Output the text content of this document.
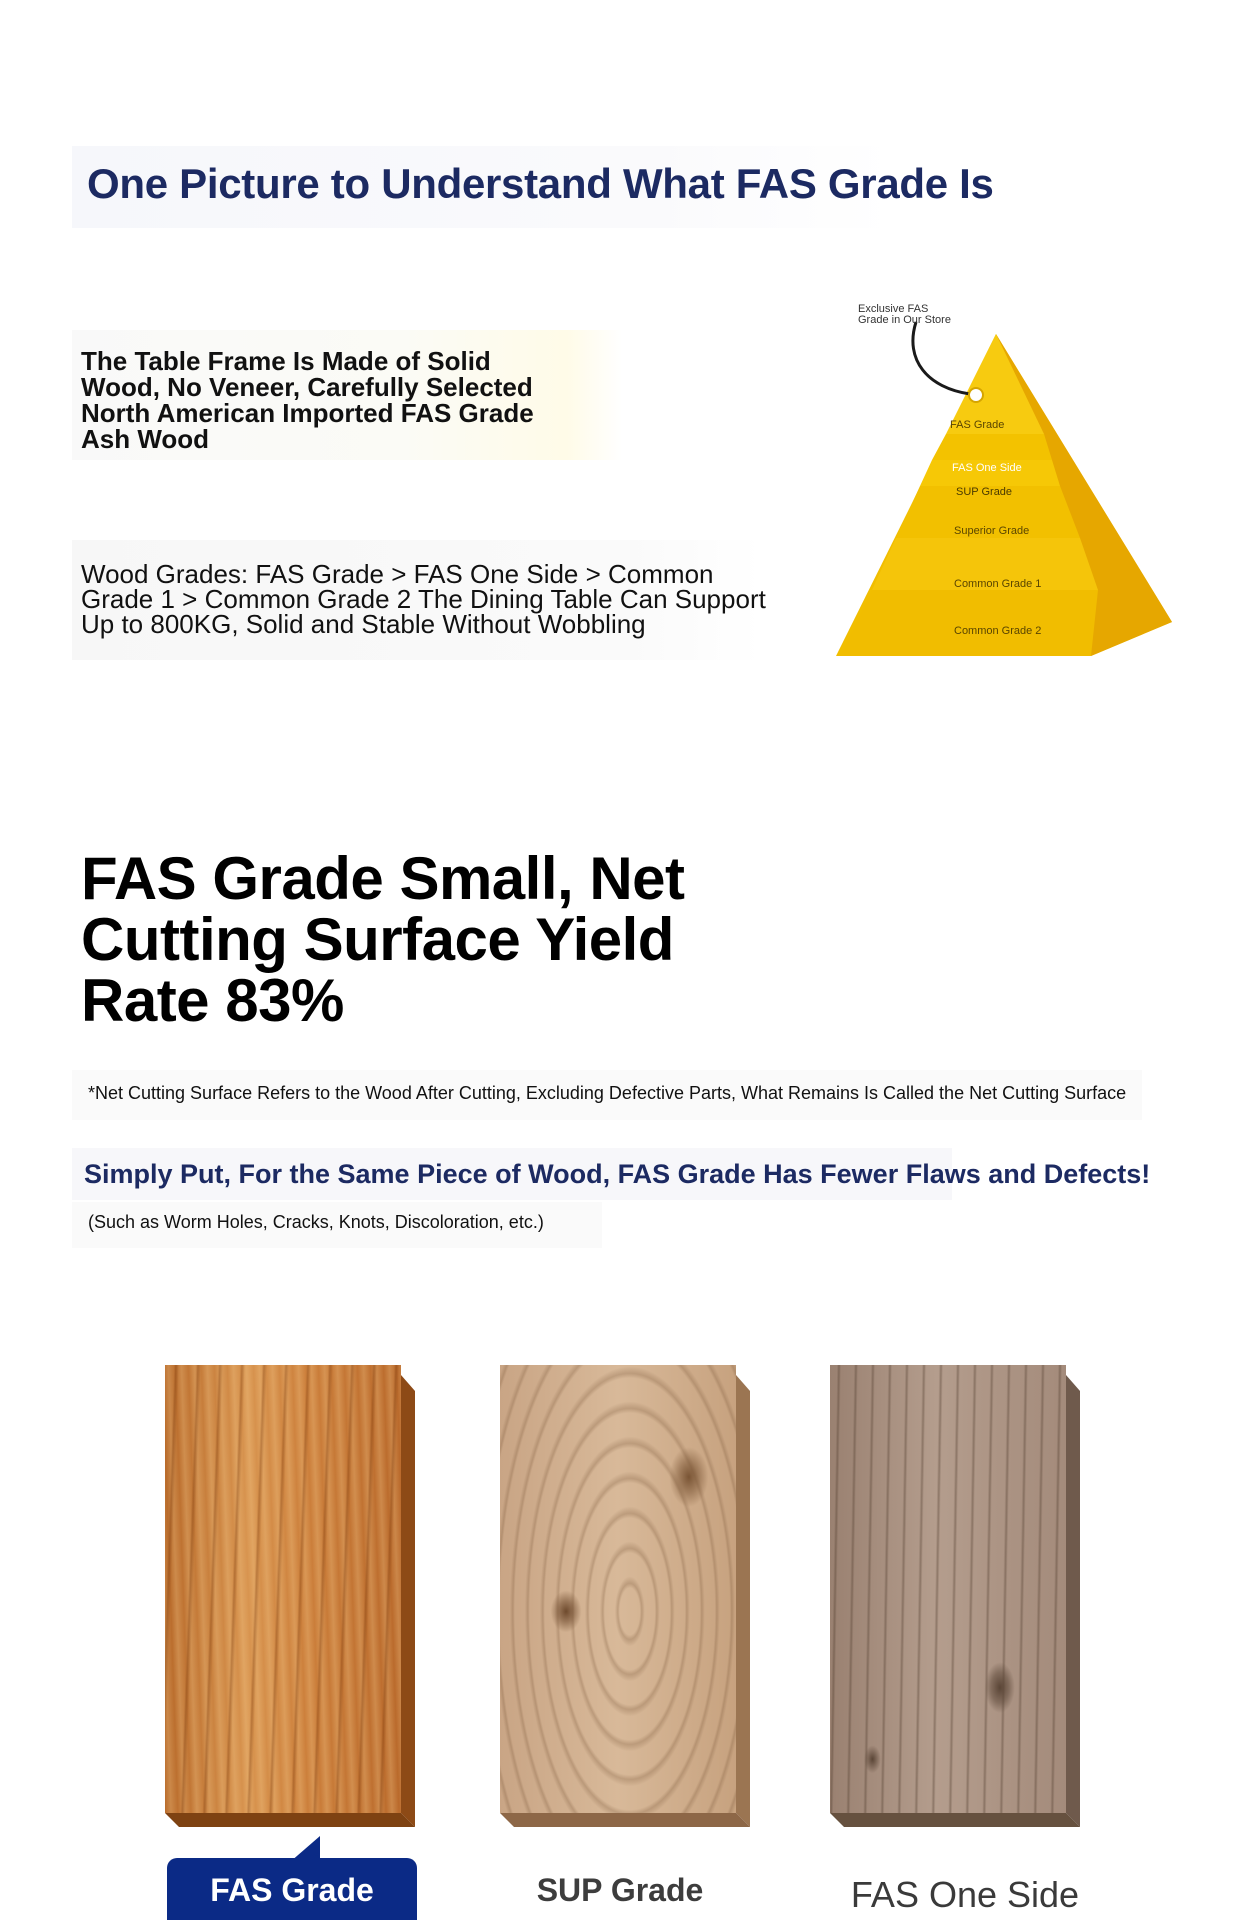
One Picture to Understand What FAS Grade Is
The Table Frame Is Made of Solid Wood, No Veneer, Carefully Selected North American Imported FAS Grade Ash Wood
Wood Grades: FAS Grade > FAS One Side > Common Grade 1 > Common Grade 2 The Dining Table Can Support Up to 800KG, Solid and Stable Without Wobbling
Exclusive FAS
Grade in Our Store
FAS Grade
FAS One Side
SUP Grade
Superior Grade
Common Grade 1
Common Grade 2
FAS Grade Small, Net Cutting Surface Yield Rate 83%
*Net Cutting Surface Refers to the Wood After Cutting, Excluding Defective Parts, What Remains Is Called the Net Cutting Surface
Simply Put, For the Same Piece of Wood, FAS Grade Has Fewer Flaws and Defects!
(Such as Worm Holes, Cracks, Knots, Discoloration, etc.)
FAS Grade	SUP Grade	FAS One Side
